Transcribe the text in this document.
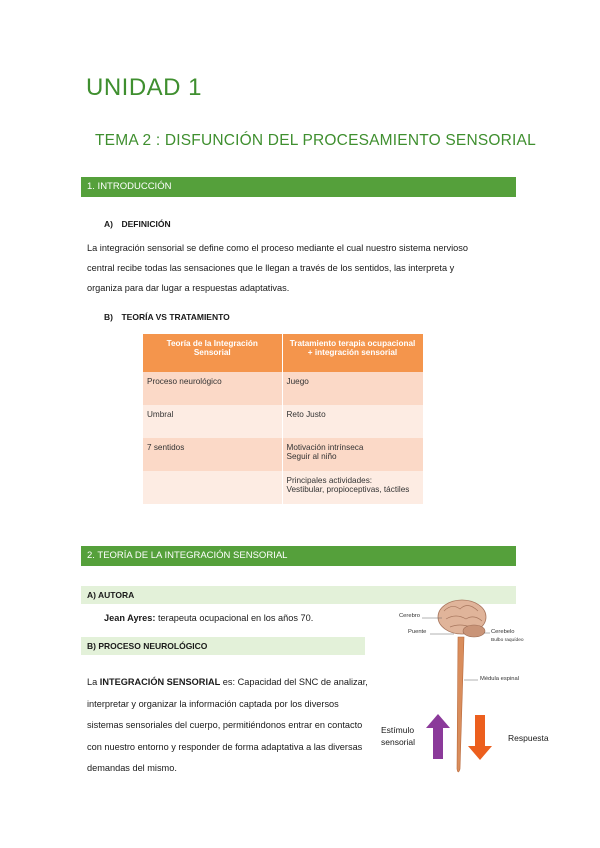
UNIDAD 1
TEMA 2 : DISFUNCIÓN DEL PROCESAMIENTO SENSORIAL
1. INTRODUCCIÓN
A) DEFINICIÓN
La integración sensorial se define como el proceso mediante el cual nuestro sistema nervioso
central recibe todas las sensaciones que le llegan a través de los sentidos, las interpreta y
organiza para dar lugar a respuestas adaptativas.
B) TEORÍA VS TRATAMIENTO
Teoría de la Integración Sensorial	Tratamiento terapia ocupacional + integración sensorial
Proceso neurológico	Juego
Umbral	Reto Justo
7 sentidos	Motivación intrínseca
Seguir al niño
	Principales actividades:
Vestibular, propioceptivas, táctiles
2. TEORÍA DE LA INTEGRACIÓN SENSORIAL
A) AUTORA
Jean Ayres: terapeuta ocupacional en los años 70.
B) PROCESO NEUROLÓGICO
La INTEGRACIÓN SENSORIAL es: Capacidad del SNC de analizar, interpretar y organizar la información captada por los diversos sistemas sensoriales del cuerpo, permitiéndonos entrar en contacto con nuestro entorno y responder de forma adaptativa a las diversas demandas del mismo.
Cerebro
Puente	Cerebelo
Bulbo raquídeo
Médula espinal
Estímulo
sensorial	Respuesta
